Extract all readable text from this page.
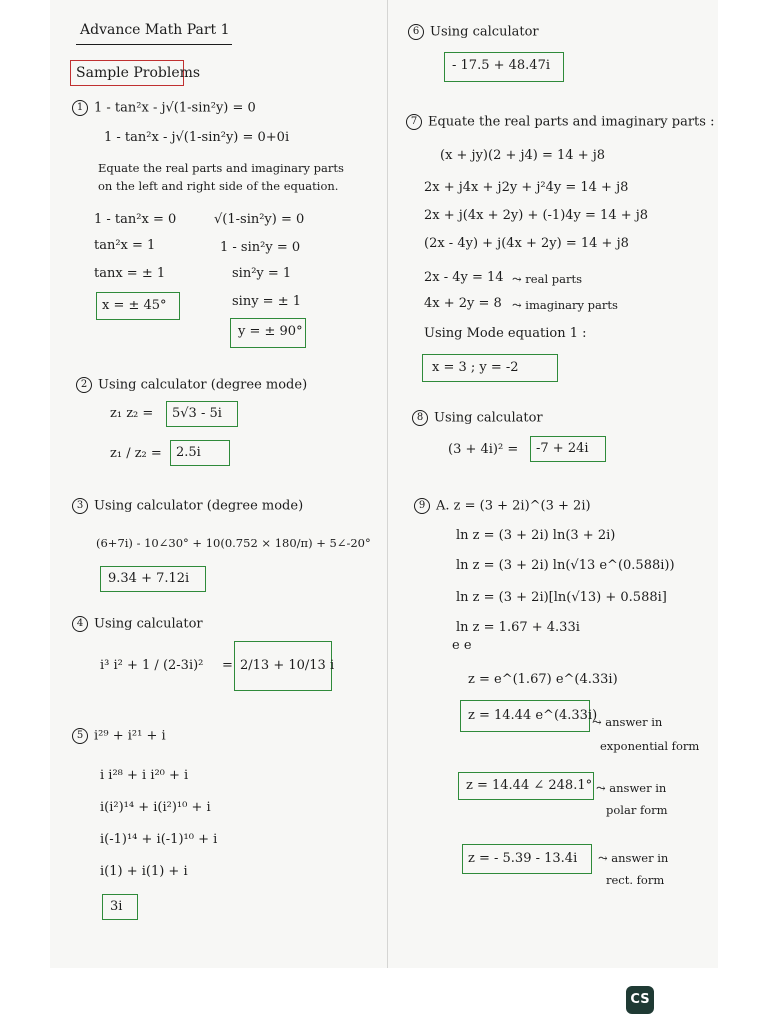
Advance Math Part 1
Sample Problems
1 1 - tan²x - j√(1-sin²y) = 0
1 - tan²x - j√(1-sin²y) = 0+0i
Equate the real parts and imaginary parts
on the left and right side of the equation.
1 - tan²x = 0
tan²x = 1
tanx = ± 1
x = ± 45°
√(1-sin²y) = 0
1 - sin²y = 0
sin²y = 1
siny = ± 1
y = ± 90°
2 Using calculator (degree mode)
z₁ z₂ = 5√3 - 5i
z₁ / z₂ = 2.5i
3 Using calculator (degree mode)
(6+7i) - 10∠30° + 10(0.752 × 180/π) + 5∠-20°
9.34 + 7.12i
4 Using calculator
i³ i² + 1 / (2-3i)² = 2/13 + 10/13 i
5 i²⁹ + i²¹ + i
i i²⁸ + i i²⁰ + i
i(i²)¹⁴ + i(i²)¹⁰ + i
i(-1)¹⁴ + i(-1)¹⁰ + i
i(1) + i(1) + i
3i
6 Using calculator
- 17.5 + 48.47i
7 Equate the real parts and imaginary parts :
(x + jy)(2 + j4) = 14 + j8
2x + j4x + j2y + j²4y = 14 + j8
2x + j(4x + 2y) + (-1)4y = 14 + j8
(2x - 4y) + j(4x + 2y) = 14 + j8
2x - 4y = 14 ⤳ real parts
4x + 2y = 8 ⤳ imaginary parts
Using Mode equation 1 :
x = 3 ; y = -2
8 Using calculator
(3 + 4i)² = -7 + 24i
9 A. z = (3 + 2i)^(3 + 2i)
ln z = (3 + 2i) ln(3 + 2i)
ln z = (3 + 2i) ln(√13 e^(0.588i))
ln z = (3 + 2i)[ln(√13) + 0.588i]
ln z = 1.67 + 4.33i
e e
z = e^(1.67) e^(4.33i)
z = 14.44 e^(4.33i)
⤳ answer in
exponential form
z = 14.44 ∠ 248.1° ⤳ answer in
polar form
z = - 5.39 - 13.4i ⤳ answer in
rect. form
CS
